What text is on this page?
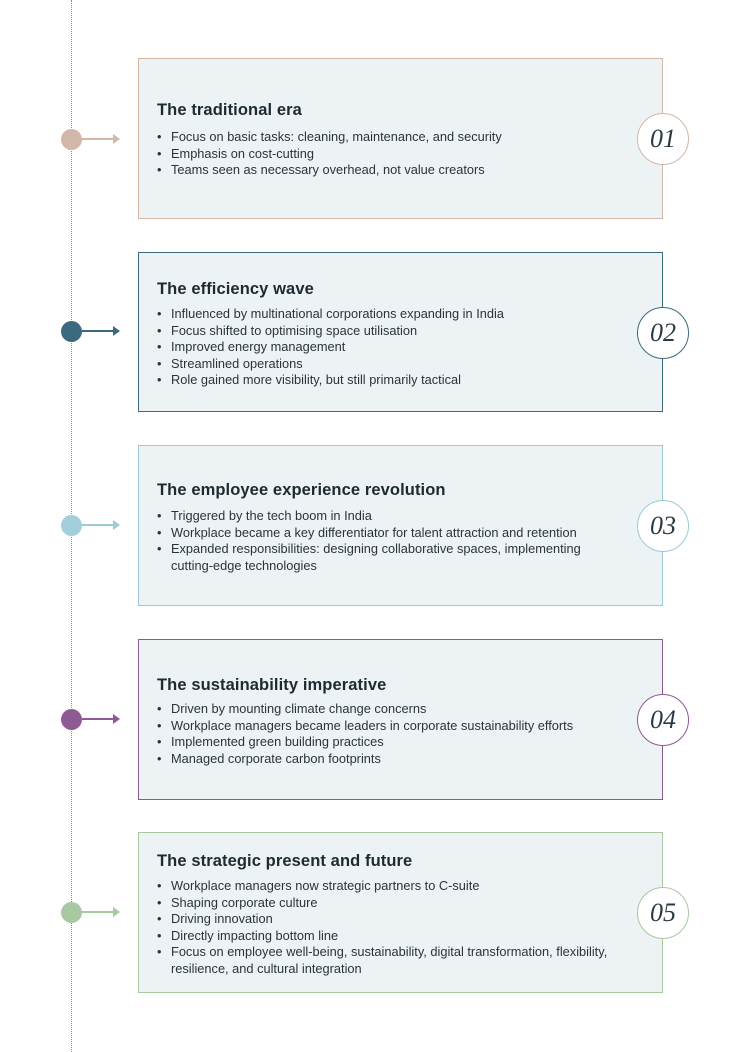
The traditional era
• Focus on basic tasks: cleaning, maintenance, and security
• Emphasis on cost-cutting
• Teams seen as necessary overhead, not value creators
01
The efficiency wave
• Influenced by multinational corporations expanding in India
• Focus shifted to optimising space utilisation
• Improved energy management
• Streamlined operations
• Role gained more visibility, but still primarily tactical
02
The employee experience revolution
• Triggered by the tech boom in India
• Workplace became a key differentiator for talent attraction and retention
• Expanded responsibilities: designing collaborative spaces, implementing cutting-edge technologies
03
The sustainability imperative
• Driven by mounting climate change concerns
• Workplace managers became leaders in corporate sustainability efforts
• Implemented green building practices
• Managed corporate carbon footprints
04
The strategic present and future
• Workplace managers now strategic partners to C-suite
• Shaping corporate culture
• Driving innovation
• Directly impacting bottom line
• Focus on employee well-being, sustainability, digital transformation, flexibility, resilience, and cultural integration
05
